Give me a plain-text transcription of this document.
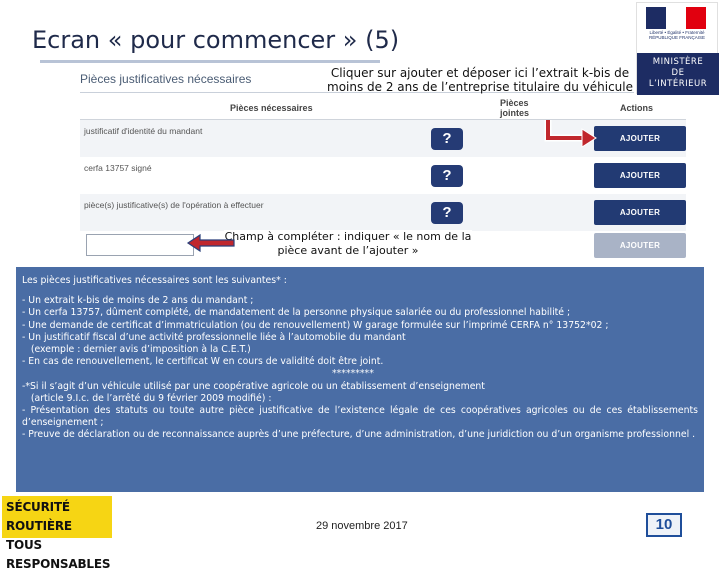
Ecran « pour commencer » (5)	Liberté • Égalité • Fraternité RÉPUBLIQUE FRANÇAISE
MINISTÈRE
DE
L’INTÉRIEUR
Pièces justificatives nécessaires	Cliquer sur ajouter et déposer ici l’extrait k-bis de moins de 2 ans de l’entreprise titulaire du véhicule
Pièces nécessaires	Pièces jointes	Actions
justificatif d'identité du mandant	?	AJOUTER
cerfa 13757 signé	?	AJOUTER
pièce(s) justificative(s) de l'opération à effectuer	?	AJOUTER
AJOUTER
Champ à compléter : indiquer « le nom de la pièce avant de l’ajouter »

Les pièces justificatives nécessaires sont les suivantes* :

- Un extrait k-bis de moins de 2 ans du mandant ;

- Un cerfa 13757, dûment complété, de mandatement de la personne physique salariée ou du professionnel habilité ;

- Une demande de certificat d’immatriculation (ou de renouvellement) W garage formulée sur l’imprimé CERFA n° 13752*02 ;

- Un justificatif fiscal d’une activité professionnelle liée à l’automobile du mandant

(exemple : dernier avis d’imposition à la C.E.T.)

- En cas de renouvellement, le certificat W en cours de validité doit être joint.

*********

-*Si il s’agit d’un véhicule utilisé par une coopérative agricole ou un établissement d’enseignement

(article 9.I.c. de l’arrêté du 9 février 2009 modifié) :

- Présentation des statuts ou toute autre pièce justificative de l’existence légale de ces coopératives agricoles ou de ces établissements d’enseignement ;

- Preuve de déclaration ou de reconnaissance auprès d’une préfecture, d’une administration, d’une juridiction ou d’un organisme professionnel .

SÉCURITÉ ROUTIÈRE
TOUS RESPONSABLES
29 novembre 2017	10
